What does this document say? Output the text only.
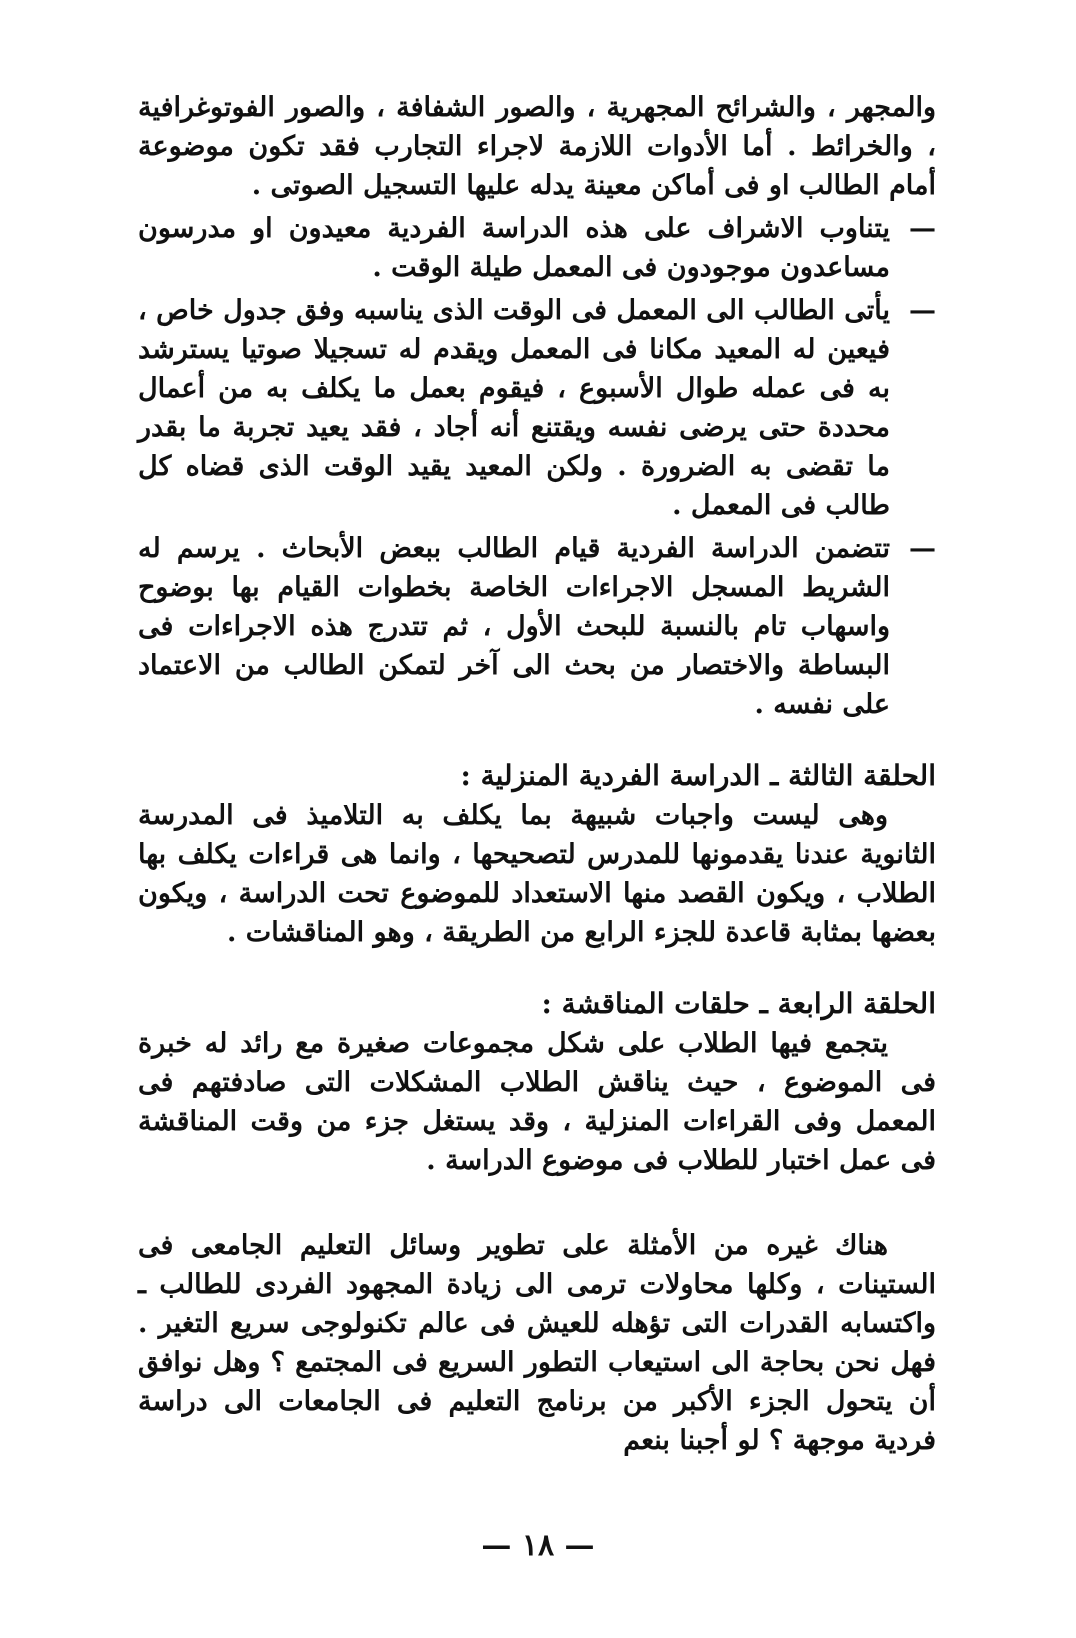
والمجهر ، والشرائح المجهرية ، والصور الشفافة ، والصور الفوتوغرافية ، والخرائط . أما الأدوات اللازمة لاجراء التجارب فقد تكون موضوعة أمام الطالب او فى أماكن معينة يدله عليها التسجيل الصوتى .

—

يتناوب الاشراف على هذه الدراسة الفردية معيدون او مدرسون مساعدون موجودون فى المعمل طيلة الوقت .

—

يأتى الطالب الى المعمل فى الوقت الذى يناسبه وفق جدول خاص ، فيعين له المعيد مكانا فى المعمل ويقدم له تسجيلا صوتيا يسترشد به فى عمله طوال الأسبوع ، فيقوم بعمل ما يكلف به من أعمال محددة حتى يرضى نفسه ويقتنع أنه أجاد ، فقد يعيد تجربة ما بقدر ما تقضى به الضرورة . ولكن المعيد يقيد الوقت الذى قضاه كل طالب فى المعمل .

—

تتضمن الدراسة الفردية قيام الطالب ببعض الأبحاث . يرسم له الشريط المسجل الاجراءات الخاصة بخطوات القيام بها بوضوح واسهاب تام بالنسبة للبحث الأول ، ثم تتدرج هذه الاجراءات فى البساطة والاختصار من بحث الى آخر لتمكن الطالب من الاعتماد على نفسه .

الحلقة الثالثة ـ الدراسة الفردية المنزلية :

وهى ليست واجبات شبيهة بما يكلف به التلاميذ فى المدرسة الثانوية عندنا يقدمونها للمدرس لتصحيحها ، وانما هى قراءات يكلف بها الطلاب ، ويكون القصد منها الاستعداد للموضوع تحت الدراسة ، ويكون بعضها بمثابة قاعدة للجزء الرابع من الطريقة ، وهو المناقشات .

الحلقة الرابعة ـ حلقات المناقشة :

يتجمع فيها الطلاب على شكل مجموعات صغيرة مع رائد له خبرة فى الموضوع ، حيث يناقش الطلاب المشكلات التى صادفتهم فى المعمل وفى القراءات المنزلية ، وقد يستغل جزء من وقت المناقشة فى عمل اختبار للطلاب فى موضوع الدراسة .

هناك غيره من الأمثلة على تطوير وسائل التعليم الجامعى فى الستينات ، وكلها محاولات ترمى الى زيادة المجهود الفردى للطالب ـ واكتسابه القدرات التى تؤهله للعيش فى عالم تكنولوجى سريع التغير . فهل نحن بحاجة الى استيعاب التطور السريع فى المجتمع ؟ وهل نوافق أن يتحول الجزء الأكبر من برنامج التعليم فى الجامعات الى دراسة فردية موجهة ؟ لو أجبنا بنعم

— ١٨ —
